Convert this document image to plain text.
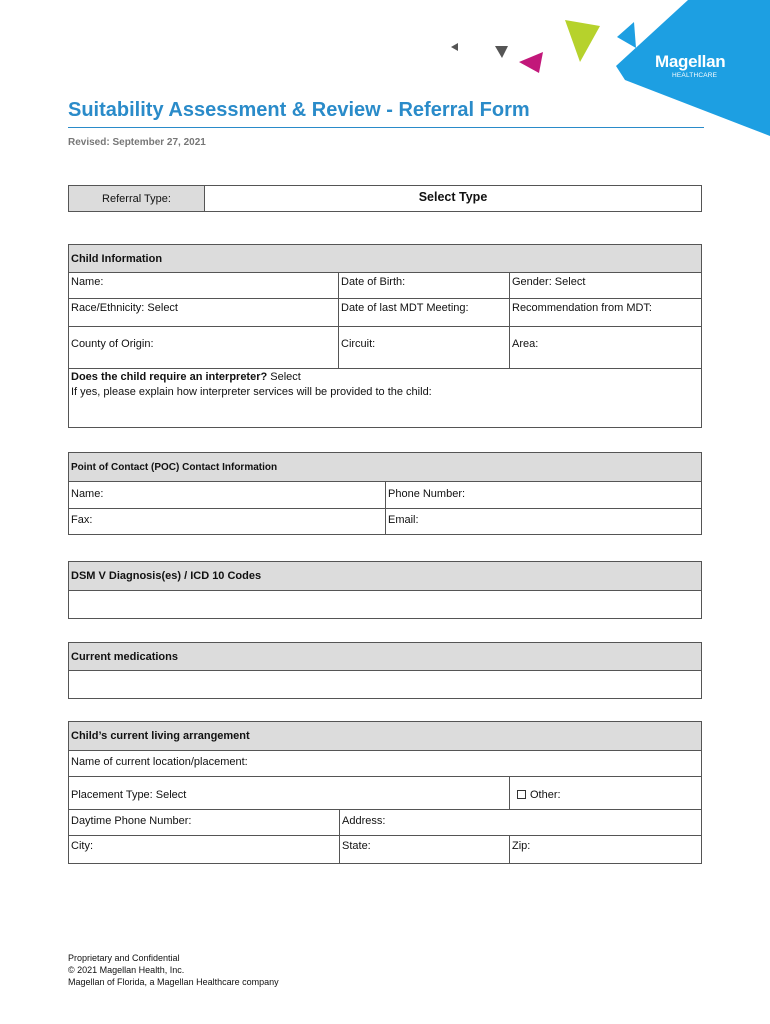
Magellan
HEALTHCARE
Suitability Assessment & Review - Referral Form
Revised: September 27, 2021
Referral Type:	Select Type
Child Information
Name:	Date of Birth:	Gender: Select
Race/Ethnicity: Select	Date of last MDT Meeting:	Recommendation from MDT:
County of Origin:	Circuit:	Area:
Does the child require an interpreter? Select
If yes, please explain how interpreter services will be provided to the child:
Point of Contact (POC) Contact Information
Name:	Phone Number:
Fax:	Email:
DSM V Diagnosis(es) / ICD 10 Codes
Current medications
Child’s current living arrangement
Name of current location/placement:
Placement Type: Select	Other:
Daytime Phone Number:	Address:
City:	State:	Zip:
Proprietary and Confidential
© 2021 Magellan Health, Inc.
Magellan of Florida, a Magellan Healthcare company
